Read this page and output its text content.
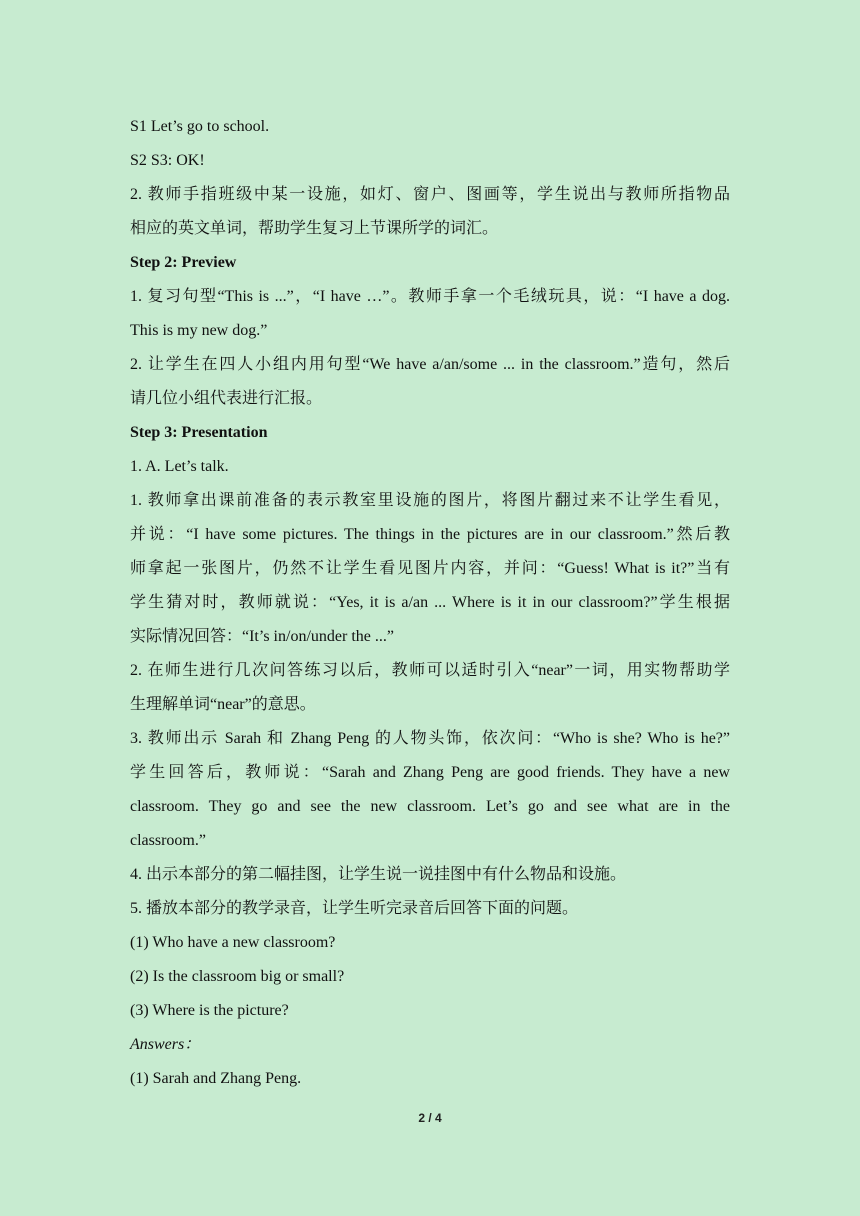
S1 Let’s go to school.
S2 S3: OK!
2. 教师手指班级中某一设施，如灯、窗户、图画等，学生说出与教师所指物品
相应的英文单词，帮助学生复习上节课所学的词汇。
Step 2: Preview
1. 复习句型“This is ...”，“I have …”。教师手拿一个毛绒玩具，说：“I have a dog.
This is my new dog.”
2. 让学生在四人小组内用句型“We have a/an/some ... in the classroom.”造句，然后
请几位小组代表进行汇报。
Step 3: Presentation
1. A. Let’s talk.
1. 教师拿出课前准备的表示教室里设施的图片，将图片翻过来不让学生看见，
并说：“I have some pictures. The things in the pictures are in our classroom.”然后教
师拿起一张图片，仍然不让学生看见图片内容，并问：“Guess! What is it?”当有
学生猜对时，教师就说：“Yes, it is a/an ... Where is it in our classroom?”学生根据
实际情况回答：“It’s in/on/under the ...”
2. 在师生进行几次问答练习以后，教师可以适时引入“near”一词，用实物帮助学
生理解单词“near”的意思。
3. 教师出示 Sarah 和 Zhang Peng 的人物头饰，依次问：“Who is she? Who is he?”
学生回答后，教师说：“Sarah and Zhang Peng are good friends. They have a new
classroom. They go and see the new classroom. Let’s go and see what are in the
classroom.”
4. 出示本部分的第二幅挂图，让学生说一说挂图中有什么物品和设施。
5. 播放本部分的教学录音，让学生听完录音后回答下面的问题。
(1) Who have a new classroom?
(2) Is the classroom big or small?
(3) Where is the picture?
Answers：
(1) Sarah and Zhang Peng.
2 / 4
